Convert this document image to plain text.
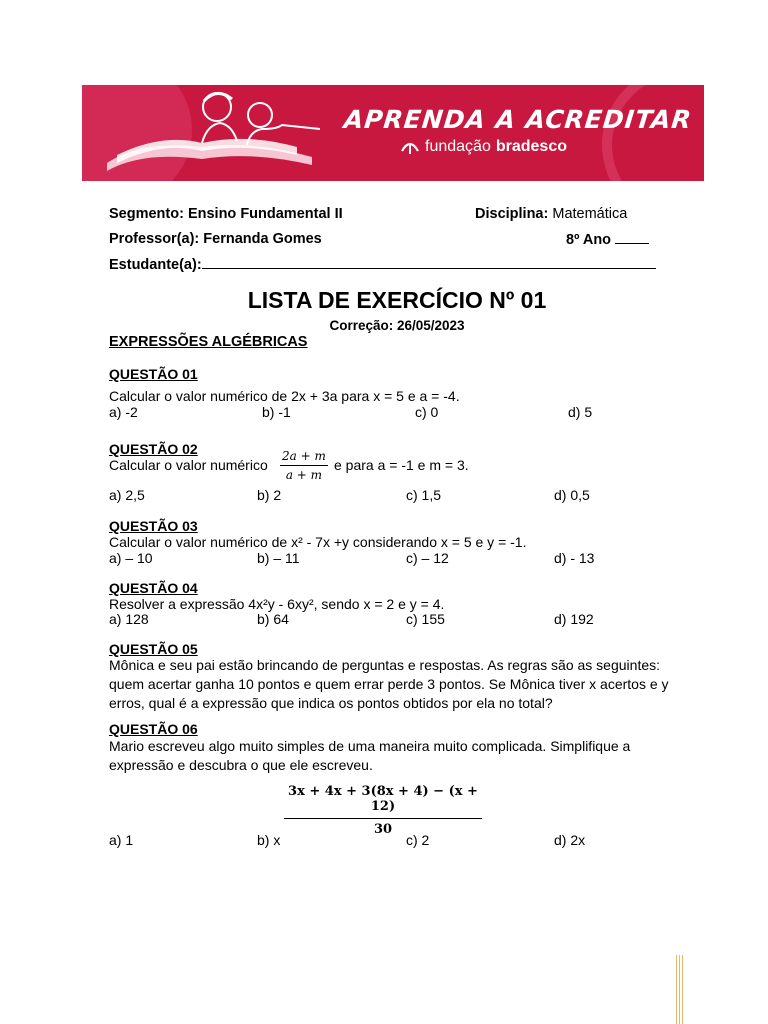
APRENDA A ACREDITAR
fundação bradesco
Segmento: Ensino Fundamental II	Disciplina: Matemática
Professor(a): Fernanda Gomes	8º Ano
Estudante(a):
LISTA DE EXERCÍCIO Nº 01
Correção: 26/05/2023
EXPRESSÕES ALGÉBRICAS
QUESTÃO 01
Calcular o valor numérico de 2x + 3a para x = 5 e a = -4.
a) -2	b) -1	c) 0	d) 5
QUESTÃO 02
Calcular o valor numérico $\frac{2a + m}{a + m}$ e para a = -1 e m = 3.
a) 2,5	b) 2	c) 1,5	d) 0,5
QUESTÃO 03
Calcular o valor numérico de x² - 7x +y considerando x = 5 e y = -1.
a) – 10	b) – 11	c) – 12	d) - 13
QUESTÃO 04
Resolver a expressão 4x²y - 6xy², sendo x = 2 e y = 4.
a) 128	b) 64	c) 155	d) 192
QUESTÃO 05
Mônica e seu pai estão brincando de perguntas e respostas. As regras são as seguintes: quem acertar ganha 10 pontos e quem errar perde 3 pontos. Se Mônica tiver x acertos e y erros, qual é a expressão que indica os pontos obtidos por ela no total?
QUESTÃO 06
Mario escreveu algo muito simples de uma maneira muito complicada. Simplifique a expressão e descubra o que ele escreveu.
$\frac{3x + 4x + 3(8x + 4) - (x + 12)}{30}$
a) 1	b) x	c) 2	d) 2x
